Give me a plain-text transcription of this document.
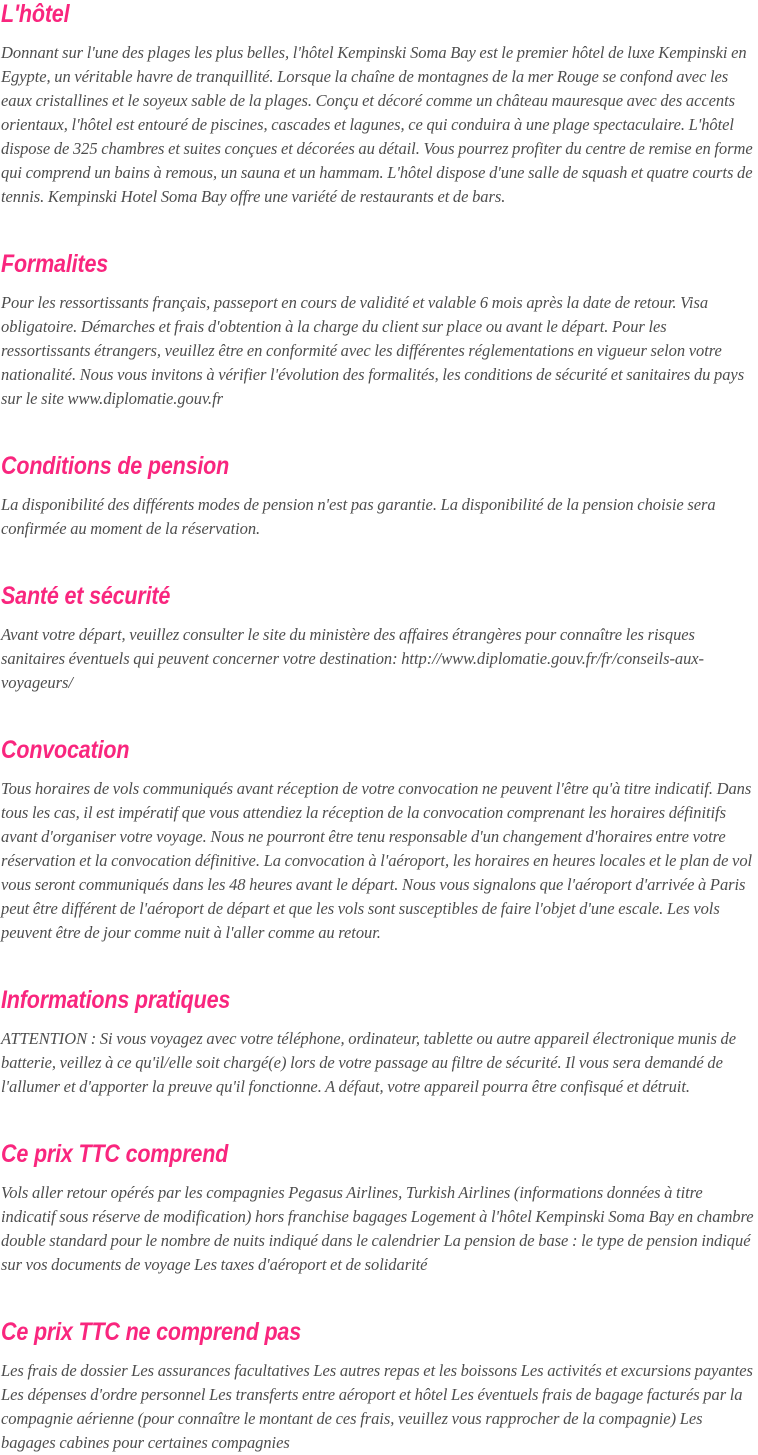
L'hôtel

Donnant sur l'une des plages les plus belles, l'hôtel Kempinski Soma Bay est le premier hôtel de luxe Kempinski en Egypte, un véritable havre de tranquillité. Lorsque la chaîne de montagnes de la mer Rouge se confond avec les eaux cristallines et le soyeux sable de la plages. Conçu et décoré comme un château mauresque avec des accents orientaux, l'hôtel est entouré de piscines, cascades et lagunes, ce qui conduira à une plage spectaculaire. L'hôtel dispose de 325 chambres et suites conçues et décorées au détail. Vous pourrez profiter du centre de remise en forme qui comprend un bains à remous, un sauna et un hammam. L'hôtel dispose d'une salle de squash et quatre courts de tennis. Kempinski Hotel Soma Bay offre une variété de restaurants et de bars.

Formalites

Pour les ressortissants français, passeport en cours de validité et valable 6 mois après la date de retour. Visa obligatoire. Démarches et frais d'obtention à la charge du client sur place ou avant le départ. Pour les ressortissants étrangers, veuillez être en conformité avec les différentes réglementations en vigueur selon votre nationalité. Nous vous invitons à vérifier l'évolution des formalités, les conditions de sécurité et sanitaires du pays sur le site www.diplomatie.gouv.fr

Conditions de pension

La disponibilité des différents modes de pension n'est pas garantie. La disponibilité de la pension choisie sera confirmée au moment de la réservation.

Santé et sécurité

Avant votre départ, veuillez consulter le site du ministère des affaires étrangères pour connaître les risques sanitaires éventuels qui peuvent concerner votre destination: http://www.diplomatie.gouv.fr/fr/conseils-aux-voyageurs/

Convocation

Tous horaires de vols communiqués avant réception de votre convocation ne peuvent l'être qu'à titre indicatif. Dans tous les cas, il est impératif que vous attendiez la réception de la convocation comprenant les horaires définitifs avant d'organiser votre voyage. Nous ne pourront être tenu responsable d'un changement d'horaires entre votre réservation et la convocation définitive. La convocation à l'aéroport, les horaires en heures locales et le plan de vol vous seront communiqués dans les 48 heures avant le départ. Nous vous signalons que l'aéroport d'arrivée à Paris peut être différent de l'aéroport de départ et que les vols sont susceptibles de faire l'objet d'une escale. Les vols peuvent être de jour comme nuit à l'aller comme au retour.

Informations pratiques

ATTENTION : Si vous voyagez avec votre téléphone, ordinateur, tablette ou autre appareil électronique munis de batterie, veillez à ce qu'il/elle soit chargé(e) lors de votre passage au filtre de sécurité. Il vous sera demandé de l'allumer et d'apporter la preuve qu'il fonctionne. A défaut, votre appareil pourra être confisqué et détruit.

Ce prix TTC comprend

Vols aller retour opérés par les compagnies Pegasus Airlines, Turkish Airlines (informations données à titre indicatif sous réserve de modification) hors franchise bagages Logement à l'hôtel Kempinski Soma Bay en chambre double standard pour le nombre de nuits indiqué dans le calendrier La pension de base : le type de pension indiqué sur vos documents de voyage Les taxes d'aéroport et de solidarité

Ce prix TTC ne comprend pas

Les frais de dossier Les assurances facultatives Les autres repas et les boissons Les activités et excursions payantes Les dépenses d'ordre personnel Les transferts entre aéroport et hôtel Les éventuels frais de bagage facturés par la compagnie aérienne (pour connaître le montant de ces frais, veuillez vous rapprocher de la compagnie) Les bagages cabines pour certaines compagnies
